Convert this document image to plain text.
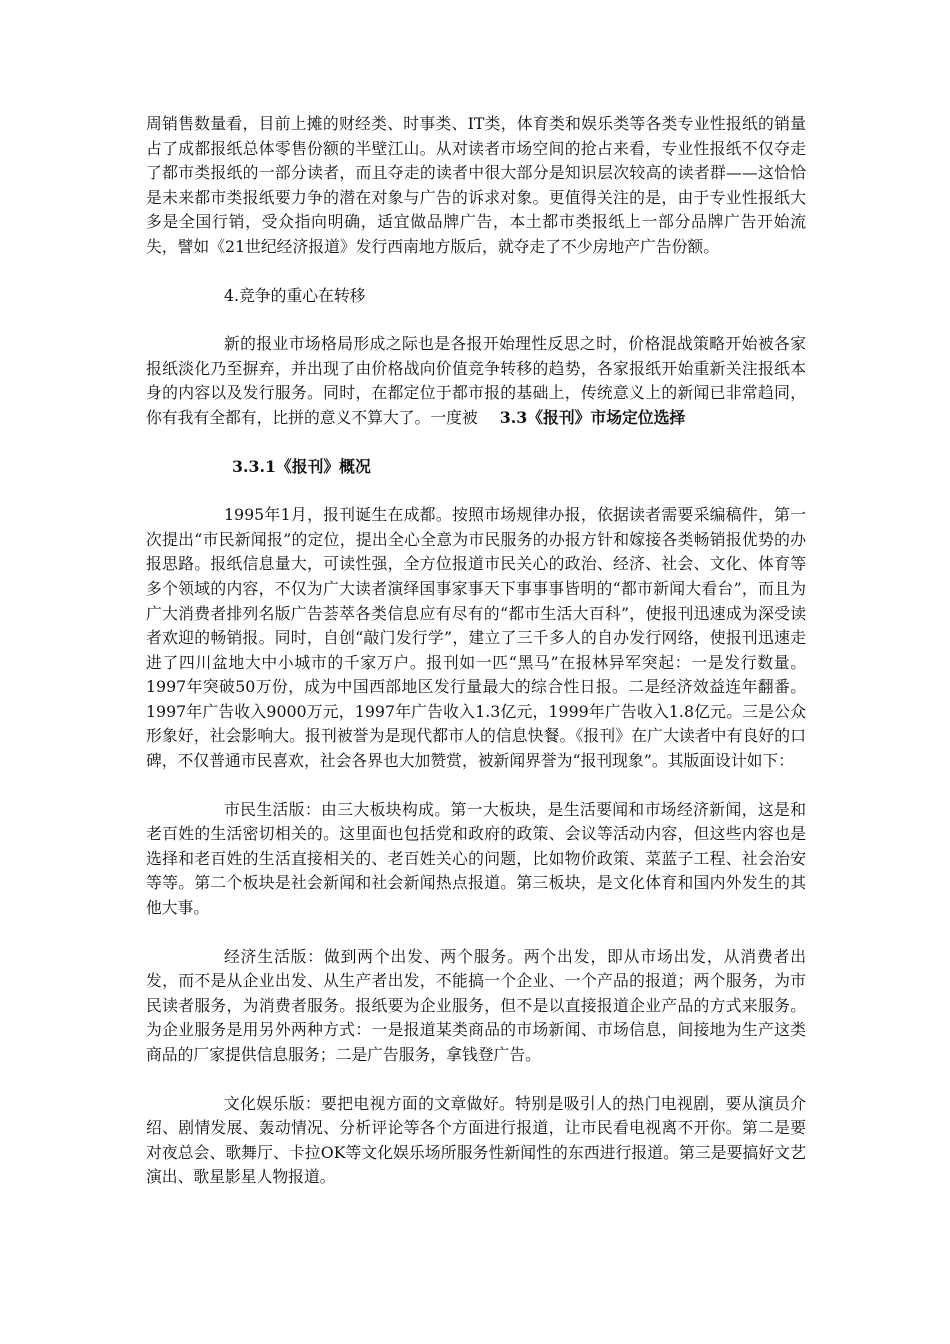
周销售数量看，目前上摊的财经类、时事类、IT类，体育类和娱乐类等各类专业性报纸的销量占了成都报纸总体零售份额的半壁江山。从对读者市场空间的抢占来看，专业性报纸不仅夺走了都市类报纸的一部分读者，而且夺走的读者中很大部分是知识层次较高的读者群——这恰恰是未来都市类报纸要力争的潜在对象与广告的诉求对象。更值得关注的是，由于专业性报纸大多是全国行销，受众指向明确，适宜做品牌广告，本土都市类报纸上一部分品牌广告开始流失，譬如《21世纪经济报道》发行西南地方版后，就夺走了不少房地产广告份额。

4.竞争的重心在转移

新的报业市场格局形成之际也是各报开始理性反思之时，价格混战策略开始被各家报纸淡化乃至摒弃，并出现了由价格战向价值竞争转移的趋势，各家报纸开始重新关注报纸本身的内容以及发行服务。同时，在都定位于都市报的基础上，传统意义上的新闻已非常趋同，你有我有全都有，比拼的意义不算大了。一度被 3.3《报刊》市场定位选择

3.3.1《报刊》概况

1995年1月，报刊诞生在成都。按照市场规律办报，依据读者需要采编稿件，第一次提出“市民新闻报”的定位，提出全心全意为市民服务的办报方针和嫁接各类畅销报优势的办报思路。报纸信息量大，可读性强，全方位报道市民关心的政治、经济、社会、文化、体育等多个领域的内容，不仅为广大读者演绎国事家事天下事事事皆明的“都市新闻大看台”，而且为广大消费者排列名版广告荟萃各类信息应有尽有的“都市生活大百科”，使报刊迅速成为深受读者欢迎的畅销报。同时，自创“敲门发行学”，建立了三千多人的自办发行网络，使报刊迅速走进了四川盆地大中小城市的千家万户。报刊如一匹“黑马”在报林异军突起：一是发行数量。1997年突破50万份，成为中国西部地区发行量最大的综合性日报。二是经济效益连年翻番。1997年广告收入9000万元，1997年广告收入1.3亿元，1999年广告收入1.8亿元。三是公众形象好，社会影响大。报刊被誉为是现代都市人的信息快餐。《报刊》在广大读者中有良好的口碑，不仅普通市民喜欢，社会各界也大加赞赏，被新闻界誉为“报刊现象”。其版面设计如下：

市民生活版：由三大板块构成。第一大板块，是生活要闻和市场经济新闻，这是和老百姓的生活密切相关的。这里面也包括党和政府的政策、会议等活动内容，但这些内容也是选择和老百姓的生活直接相关的、老百姓关心的问题，比如物价政策、菜蓝子工程、社会治安等等。第二个板块是社会新闻和社会新闻热点报道。第三板块，是文化体育和国内外发生的其他大事。

经济生活版：做到两个出发、两个服务。两个出发，即从市场出发，从消费者出发，而不是从企业出发、从生产者出发，不能搞一个企业、一个产品的报道；两个服务，为市民读者服务，为消费者服务。报纸要为企业服务，但不是以直接报道企业产品的方式来服务。为企业服务是用另外两种方式：一是报道某类商品的市场新闻、市场信息，间接地为生产这类商品的厂家提供信息服务；二是广告服务，拿钱登广告。

文化娱乐版：要把电视方面的文章做好。特别是吸引人的热门电视剧，要从演员介绍、剧情发展、轰动情况、分析评论等各个方面进行报道，让市民看电视离不开你。第二是要对夜总会、歌舞厅、卡拉OK等文化娱乐场所服务性新闻性的东西进行报道。第三是要搞好文艺演出、歌星影星人物报道。
